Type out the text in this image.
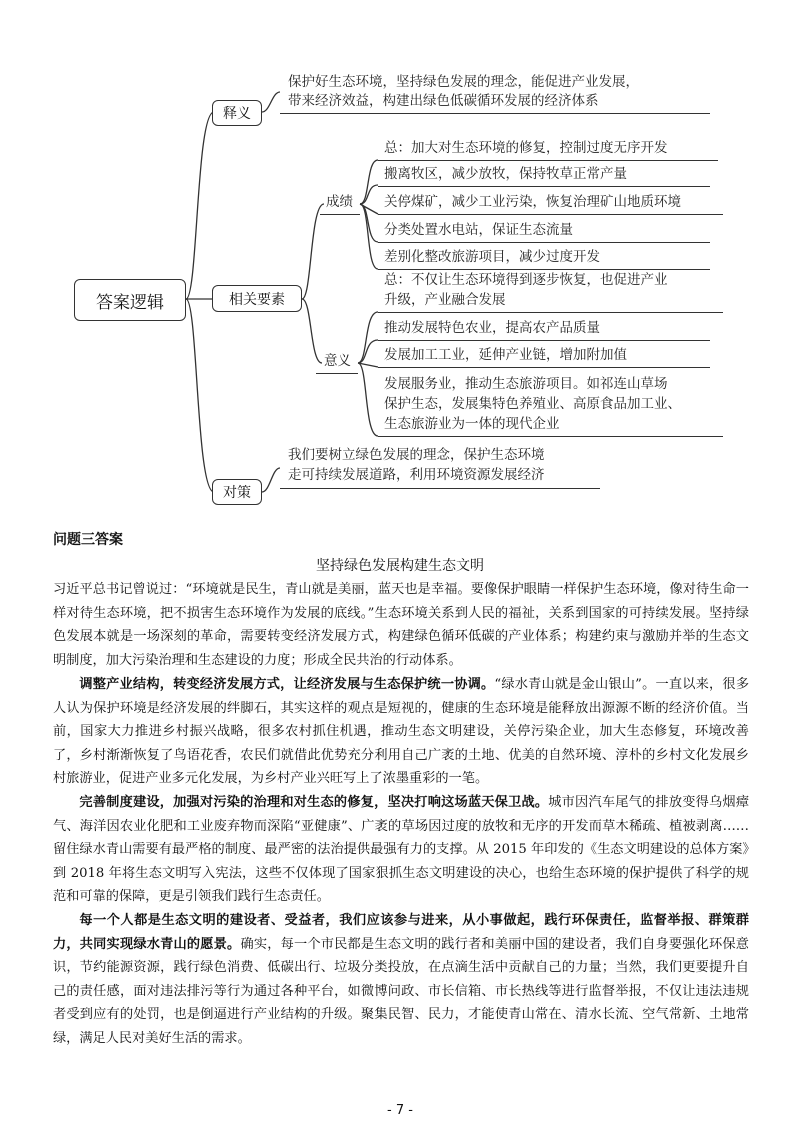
答案逻辑
释义
保护好生态环境，坚持绿色发展的理念，能促进产业发展，
带来经济效益，构建出绿色低碳循环发展的经济体系
相关要素
成绩
总：加大对生态环境的修复，控制过度无序开发
搬离牧区，减少放牧，保持牧草正常产量
关停煤矿，减少工业污染，恢复治理矿山地质环境
分类处置水电站，保证生态流量
差别化整改旅游项目，减少过度开发
意义
总：不仅让生态环境得到逐步恢复，也促进产业
升级，产业融合发展
推动发展特色农业，提高农产品质量
发展加工工业，延伸产业链，增加附加值
发展服务业，推动生态旅游项目。如祁连山草场
保护生态，发展集特色养殖业、高原食品加工业、
生态旅游业为一体的现代企业
对策
我们要树立绿色发展的理念，保护生态环境
走可持续发展道路，利用环境资源发展经济
问题三答案
坚持绿色发展构建生态文明

习近平总书记曾说过：“环境就是民生，青山就是美丽，蓝天也是幸福。要像保护眼睛一样保护生态环境，像对待生命一样对待生态环境，把不损害生态环境作为发展的底线。”生态环境关系到人民的福祉，关系到国家的可持续发展。坚持绿色发展本就是一场深刻的革命，需要转变经济发展方式，构建绿色循环低碳的产业体系；构建约束与激励并举的生态文明制度，加大污染治理和生态建设的力度；形成全民共治的行动体系。

调整产业结构，转变经济发展方式，让经济发展与生态保护统一协调。“绿水青山就是金山银山”。一直以来，很多人认为保护环境是经济发展的绊脚石，其实这样的观点是短视的，健康的生态环境是能释放出源源不断的经济价值。当前，国家大力推进乡村振兴战略，很多农村抓住机遇，推动生态文明建设，关停污染企业，加大生态修复，环境改善了，乡村渐渐恢复了鸟语花香，农民们就借此优势充分利用自己广袤的土地、优美的自然环境、淳朴的乡村文化发展乡村旅游业，促进产业多元化发展，为乡村产业兴旺写上了浓墨重彩的一笔。

完善制度建设，加强对污染的治理和对生态的修复，坚决打响这场蓝天保卫战。城市因汽车尾气的排放变得乌烟瘴气、海洋因农业化肥和工业废弃物而深陷“亚健康”、广袤的草场因过度的放牧和无序的开发而草木稀疏、植被剥离……留住绿水青山需要有最严格的制度、最严密的法治提供最强有力的支撑。从 2015 年印发的《生态文明建设的总体方案》到 2018 年将生态文明写入宪法，这些不仅体现了国家狠抓生态文明建设的决心，也给生态环境的保护提供了科学的规范和可靠的保障，更是引领我们践行生态责任。

每一个人都是生态文明的建设者、受益者，我们应该参与进来，从小事做起，践行环保责任，监督举报、群策群力，共同实现绿水青山的愿景。确实，每一个市民都是生态文明的践行者和美丽中国的建设者，我们自身要强化环保意识，节约能源资源，践行绿色消费、低碳出行、垃圾分类投放，在点滴生活中贡献自己的力量；当然，我们更要提升自己的责任感，面对违法排污等行为通过各种平台，如微博问政、市长信箱、市长热线等进行监督举报，不仅让违法违规者受到应有的处罚，也是倒逼进行产业结构的升级。聚集民智、民力，才能使青山常在、清水长流、空气常新、土地常绿，满足人民对美好生活的需求。

- 7 -
